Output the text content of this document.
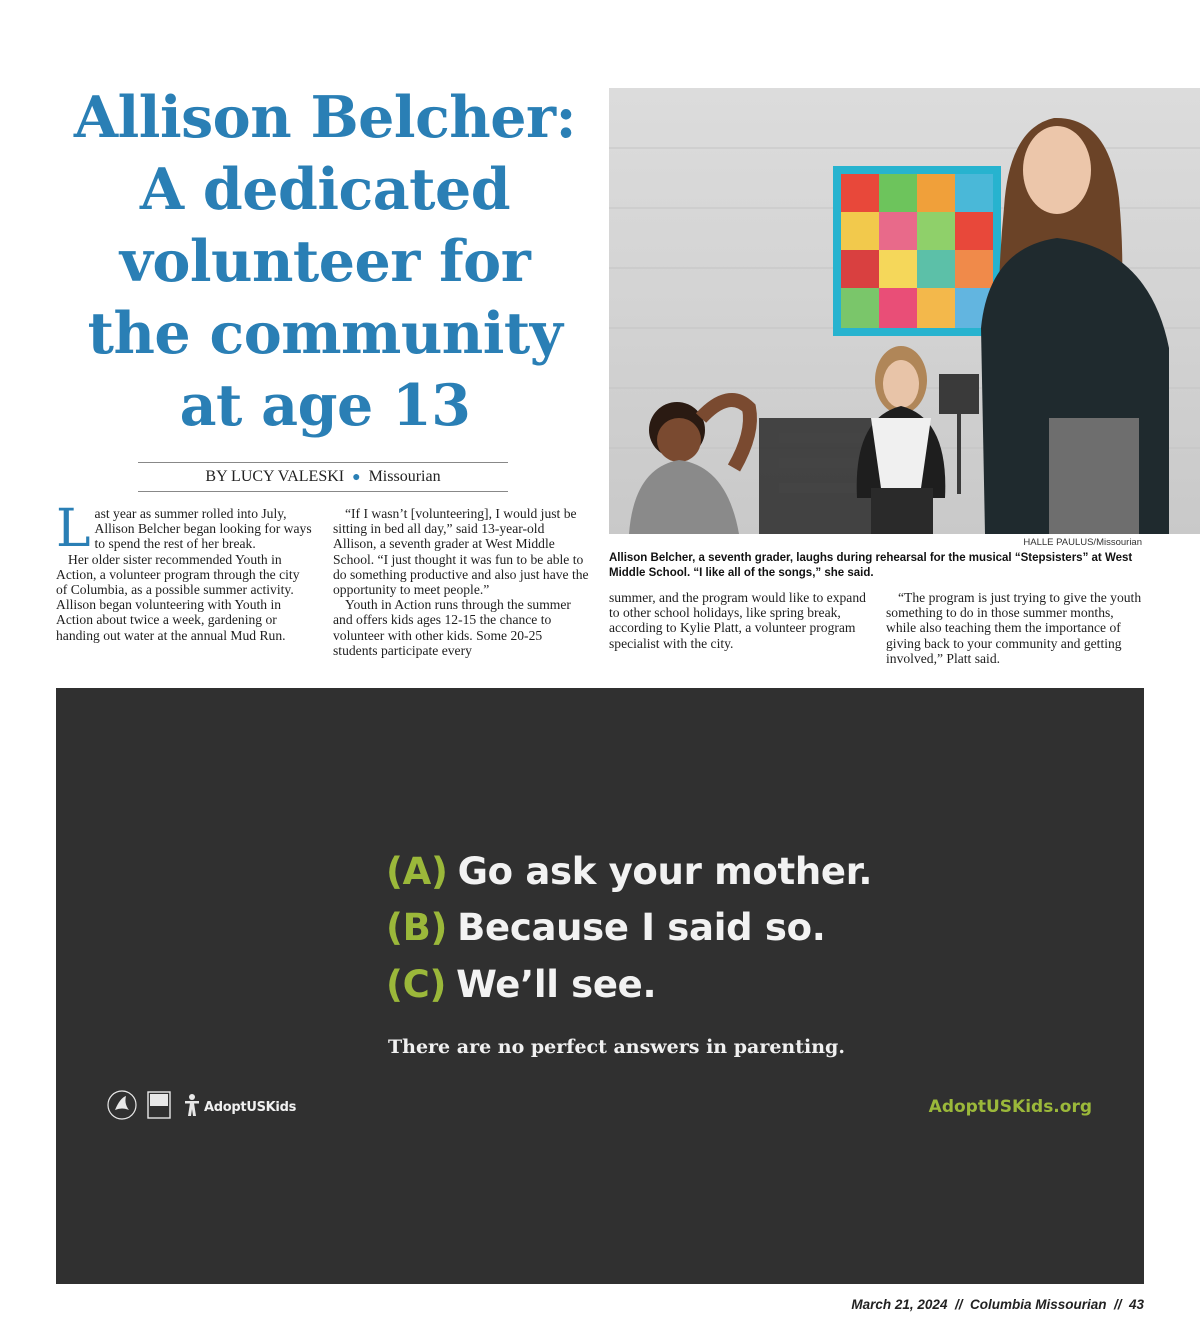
Allison Belcher:
A dedicated
volunteer for
the community
at age 13
BY LUCY VALESKI ● Missourian

Last year as summer rolled into July, Allison Belcher began looking for ways to spend the rest of her break.

Her older sister recommended Youth in Action, a volunteer program through the city of Columbia, as a possible summer activity. Allison began volunteering with Youth in Action about twice a week, gardening or handing out water at the annual Mud Run.

“If I wasn’t [volunteering], I would just be sitting in bed all day,” said 13-year-old Allison, a seventh grader at West Middle School. “I just thought it was fun to be able to do something productive and also just have the opportunity to meet people.”

Youth in Action runs through the summer and offers kids ages 12-15 the chance to volunteer with other kids. Some 20-25 students participate every

summer, and the program would like to expand to other school holidays, like spring break, according to Kylie Platt, a volunteer program specialist with the city.

“The program is just trying to give the youth something to do in those summer months, while also teaching them the importance of giving back to your community and getting involved,” Platt said.

HALLE PAULUS/Missourian
Allison Belcher, a seventh grader, laughs during rehearsal for the musical “Stepsisters” at West Middle School. “I like all of the songs,” she said.
(A) Go ask your mother.
(B) Because I said so.
(C) We’ll see.
There are no perfect answers in parenting.
AdoptUSKids	AdoptUSKids.org
March 21, 2024  //  Columbia Missourian  //  43
